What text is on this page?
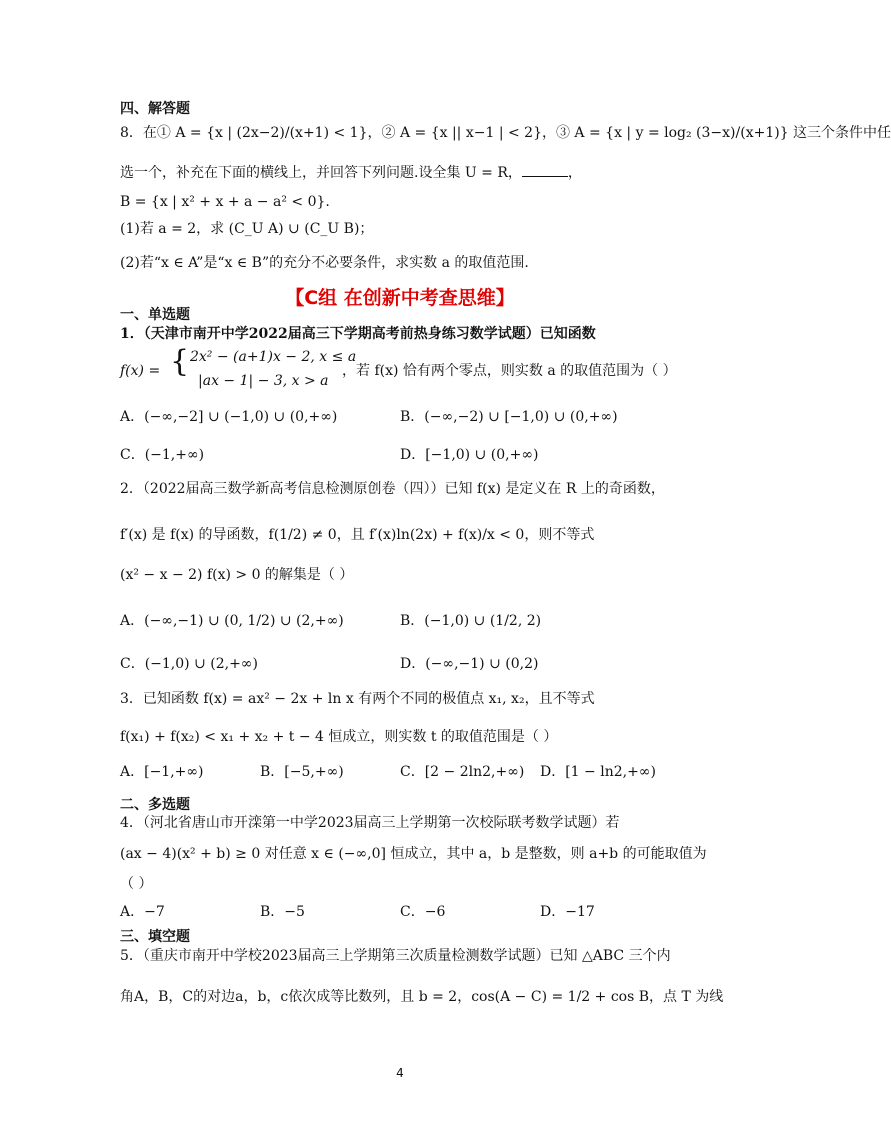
四、解答题
8．在① A = {x | (2x−2)/(x+1) < 1}，② A = {x || x−1 | < 2}，③ A = {x | y = log₂ (3−x)/(x+1)} 这三个条件中任
选一个，补充在下面的横线上，并回答下列问题.设全集 U = R，	，
B = {x | x² + x + a − a² < 0}.
(1)若 a = 2，求 (C_U A) ∪ (C_U B)；
(2)若“x ∈ A”是“x ∈ B”的充分不必要条件，求实数 a 的取值范围.
【C组 在创新中考查思维】
一、单选题
1．（天津市南开中学2022届高三下学期高考前热身练习数学试题）已知函数
f(x) = { 2x² − (a+1)x − 2, x ≤ a
|ax − 1| − 3, x > a
，若 f(x) 恰有两个零点，则实数 a 的取值范围为（ ）
A．(−∞,−2] ∪ (−1,0) ∪ (0,+∞)	B．(−∞,−2) ∪ [−1,0) ∪ (0,+∞)
C．(−1,+∞)	D．[−1,0) ∪ (0,+∞)
2．（2022届高三数学新高考信息检测原创卷（四））已知 f(x) 是定义在 R 上的奇函数，
f′(x) 是 f(x) 的导函数，f(1/2) ≠ 0，且 f′(x)ln(2x) + f(x)/x < 0，则不等式
(x² − x − 2) f(x) > 0 的解集是（ ）
A．(−∞,−1) ∪ (0, 1/2) ∪ (2,+∞)	B．(−1,0) ∪ (1/2, 2)
C．(−1,0) ∪ (2,+∞)	D．(−∞,−1) ∪ (0,2)
3．已知函数 f(x) = ax² − 2x + ln x 有两个不同的极值点 x₁, x₂，且不等式
f(x₁) + f(x₂) < x₁ + x₂ + t − 4 恒成立，则实数 t 的取值范围是（ ）
A．[−1,+∞)	B．[−5,+∞)	C．[2 − 2ln2,+∞) D．[1 − ln2,+∞)
二、多选题
4．（河北省唐山市开滦第一中学2023届高三上学期第一次校际联考数学试题）若
(ax − 4)(x² + b) ≥ 0 对任意 x ∈ (−∞,0] 恒成立，其中 a，b 是整数，则 a+b 的可能取值为
（ ）
A．−7	B．−5	C．−6	D．−17
三、填空题
5．（重庆市南开中学校2023届高三上学期第三次质量检测数学试题）已知 △ABC 三个内
角A，B，C的对边a，b，c依次成等比数列，且 b = 2，cos(A − C) = 1/2 + cos B，点 T 为线
4
